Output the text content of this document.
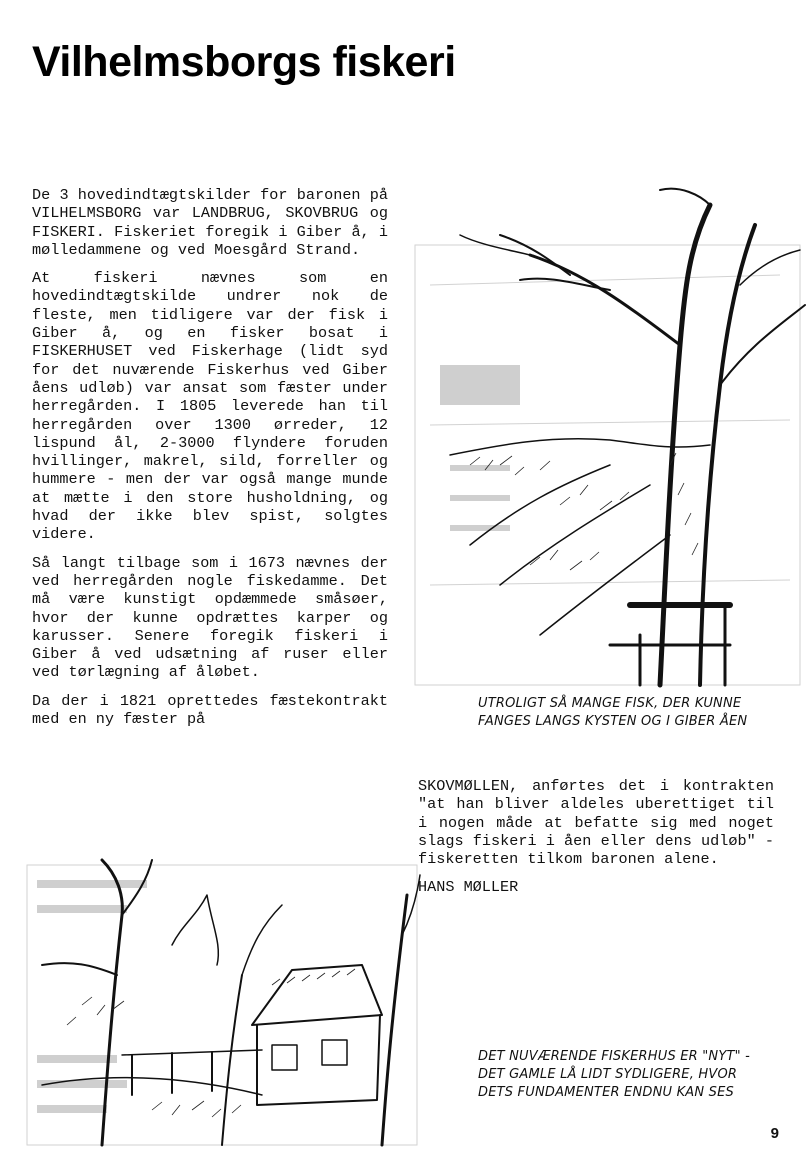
Vilhelmsborgs fiskeri

De 3 hovedindtægtskilder for baronen på VILHELMSBORG var LANDBRUG, SKOVBRUG og FISKERI. Fiskeriet foregik i Giber å, i mølledammene og ved Moesgård Strand.

At fiskeri nævnes som en hovedindtægtskilde undrer nok de fleste, men tidligere var der fisk i Giber å, og en fisker bosat i FISKERHUSET ved Fiskerhage (lidt syd for det nuværende Fiskerhus ved Giber åens udløb) var ansat som fæster under herregården. I 1805 leverede han til herregården over 1300 ørreder, 12 lispund ål, 2-3000 flyndere foruden hvillinger, makrel, sild, forreller og hummere - men der var også mange munde at mætte i den store husholdning, og hvad der ikke blev spist, solgtes videre.

Så langt tilbage som i 1673 nævnes der ved herregården nogle fiskedamme. Det må være kunstigt opdæmmede småsøer, hvor der kunne opdrættes karper og karusser. Senere foregik fiskeri i Giber å ved udsætning af ruser eller ved tørlægning af åløbet.

Da der i 1821 oprettedes fæstekontrakt med en ny fæster på

UTROLIGT SÅ MANGE FISK, DER KUNNE FANGES LANGS KYSTEN OG I GIBER ÅEN

SKOVMØLLEN, anførtes det i kontrakten "at han bliver aldeles uberettiget til i nogen måde at befatte sig med noget slags fiskeri i åen eller dens udløb" - fiskeretten tilkom baronen alene.

HANS MØLLER

DET NUVÆRENDE FISKERHUS ER "NYT" - DET GAMLE LÅ LIDT SYDLIGERE, HVOR DETS FUNDAMENTER ENDNU KAN SES
9
